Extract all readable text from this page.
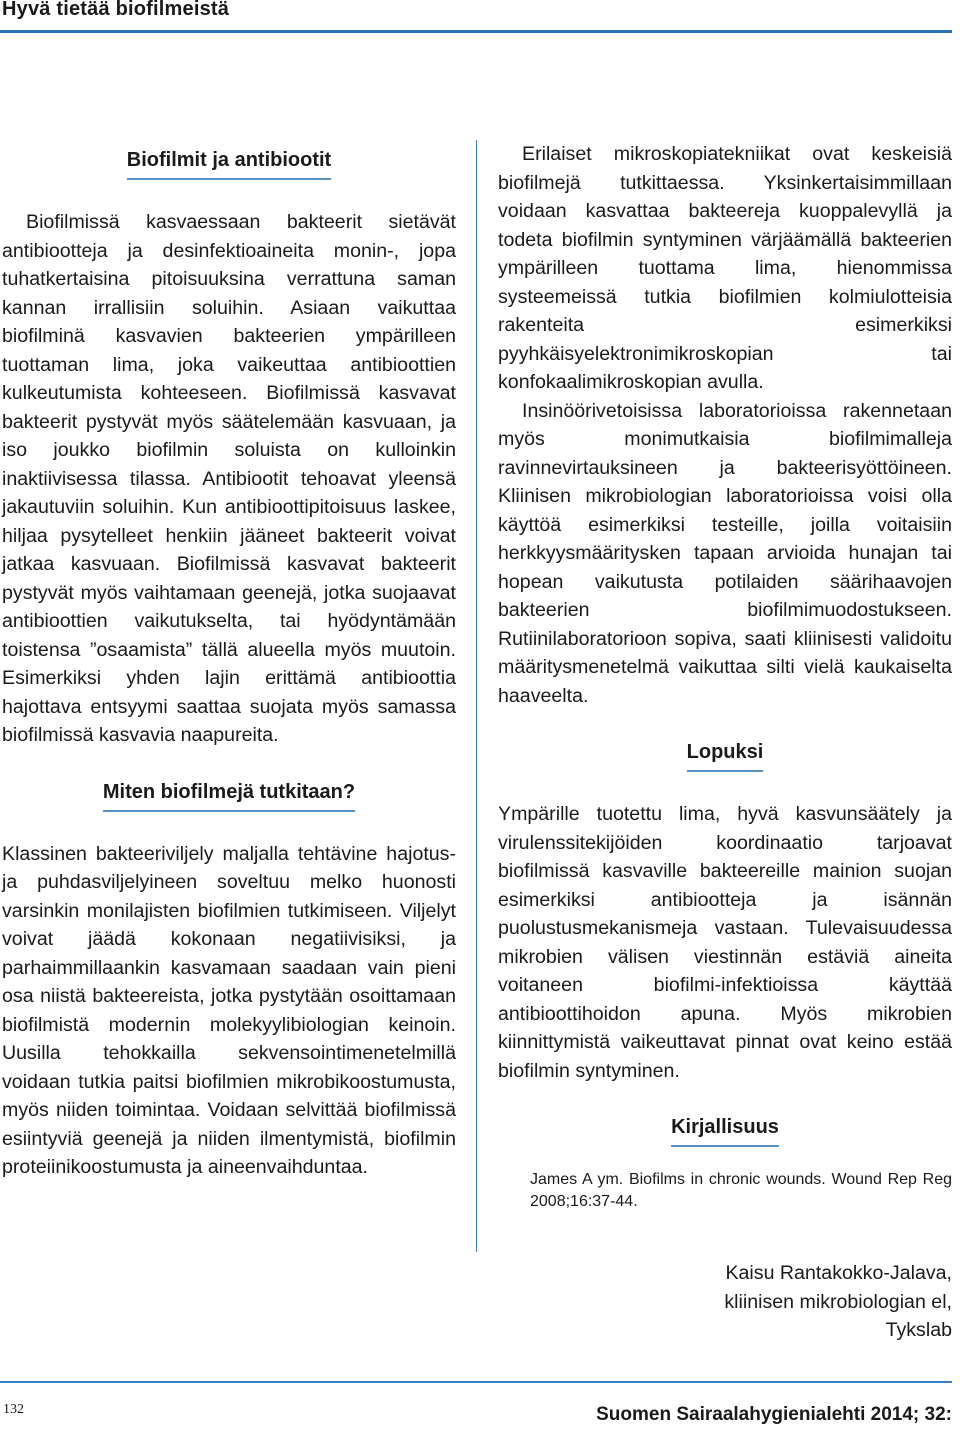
Hyvä tietää biofilmeistä
Biofilmit ja antibiootit

Biofilmissä kasvaessaan bakteerit sietävät antibiootteja ja desinfektioaineita monin-, jopa tuhatkertaisina pitoisuuksina verrattuna saman kannan irrallisiin soluihin. Asiaan vaikuttaa biofilminä kasvavien bakteerien ympärilleen tuottaman lima, joka vaikeuttaa antibioottien kulkeutumista kohteeseen. Biofilmissä kasvavat bakteerit pystyvät myös säätelemään kasvuaan, ja iso joukko biofilmin soluista on kulloinkin inaktiivisessa tilassa. Antibiootit tehoavat yleensä jakautuviin soluihin. Kun antibioottipitoisuus laskee, hiljaa pysytelleet henkiin jääneet bakteerit voivat jatkaa kasvuaan. Biofilmissä kasvavat bakteerit pystyvät myös vaihtamaan geenejä, jotka suojaavat antibioottien vaikutukselta, tai hyödyntämään toistensa ”osaamista” tällä alueella myös muutoin. Esimerkiksi yhden lajin erittämä antibioottia hajottava entsyymi saattaa suojata myös samassa biofilmissä kasvavia naapureita.

Miten biofilmejä tutkitaan?

Klassinen bakteeriviljely maljalla tehtävine hajotus- ja puhdasviljelyineen soveltuu melko huonosti varsinkin monilajisten biofilmien tutkimiseen. Viljelyt voivat jäädä kokonaan negatiivisiksi, ja parhaimmillaankin kasvamaan saadaan vain pieni osa niistä bakteereista, jotka pystytään osoittamaan biofilmistä modernin molekyylibiologian keinoin. Uusilla tehokkailla sekvensointimenetelmillä voidaan tutkia paitsi biofilmien mikrobikoostumusta, myös niiden toimintaa. Voidaan selvittää biofilmissä esiintyviä geenejä ja niiden ilmentymistä, biofilmin proteiinikoostumusta ja aineenvaihduntaa.

Erilaiset mikroskopiatekniikat ovat keskeisiä biofilmejä tutkittaessa. Yksinkertaisimmillaan voidaan kasvattaa bakteereja kuoppalevyllä ja todeta biofilmin syntyminen värjäämällä bakteerien ympärilleen tuottama lima, hienommissa systeemeissä tutkia biofilmien kolmiulotteisia rakenteita esimerkiksi pyyhkäisyelektronimikroskopian tai konfokaalimikroskopian avulla.

Insinöörivetoisissa laboratorioissa rakennetaan myös monimutkaisia biofilmimalleja ravinnevirtauksineen ja bakteerisyöttöineen. Kliinisen mikrobiologian laboratorioissa voisi olla käyttöä esimerkiksi testeille, joilla voitaisiin herkkyysmääritysken tapaan arvioida hunajan tai hopean vaikutusta potilaiden säärihaavojen bakteerien biofilmimuodostukseen. Rutiinilaboratorioon sopiva, saati kliinisesti validoitu määritysmenetelmä vaikuttaa silti vielä kaukaiselta haaveelta.

Lopuksi

Ympärille tuotettu lima, hyvä kasvunsäätely ja virulenssitekijöiden koordinaatio tarjoavat biofilmissä kasvaville bakteereille mainion suojan esimerkiksi antibiootteja ja isännän puolustusmekanismeja vastaan. Tulevaisuudessa mikrobien välisen viestinnän estäviä aineita voitaneen biofilmi-infektioissa käyttää antibioottihoidon apuna. Myös mikrobien kiinnittymistä vaikeuttavat pinnat ovat keino estää biofilmin syntyminen.

Kirjallisuus

James A ym. Biofilms in chronic wounds. Wound Rep Reg 2008;16:37-44.

Kaisu Rantakokko-Jalava,
kliinisen mikrobiologian el,
Tykslab
132	Suomen Sairaalahygienialehti 2014; 32:
